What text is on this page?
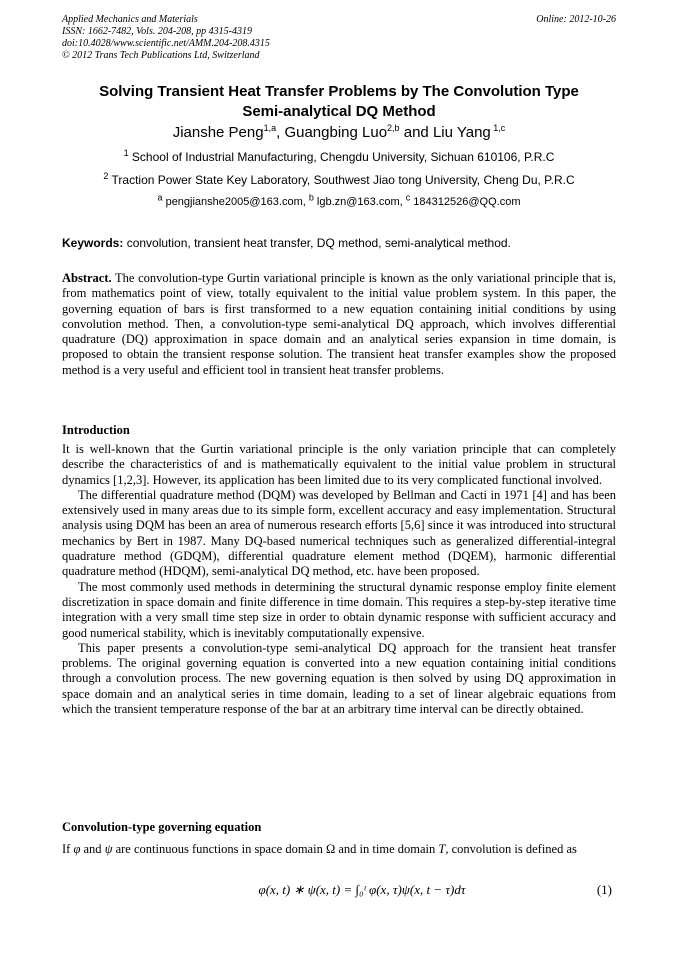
Applied Mechanics and Materials
ISSN: 1662-7482, Vols. 204-208, pp 4315-4319
doi:10.4028/www.scientific.net/AMM.204-208.4315
© 2012 Trans Tech Publications Ltd, Switzerland
Online: 2012-10-26
Solving Transient Heat Transfer Problems by The Convolution Type
Semi-analytical DQ Method
Jianshe Peng$^{1,a}$, Guangbing Luo$^{2,b}$ and Liu Yang $^{1,c}$
$^1$ School of Industrial Manufacturing, Chengdu University, Sichuan 610106, P.R.C
$^2$ Traction Power State Key Laboratory, Southwest Jiao tong University, Cheng Du, P.R.C
$^a$ pengjianshe2005@163.com, $^b$ lgb.zn@163.com, $^c$ 184312526@QQ.com
Keywords: convolution, transient heat transfer, DQ method, semi-analytical method.
Abstract. The convolution-type Gurtin variational principle is known as the only variational principle that is, from mathematics point of view, totally equivalent to the initial value problem system. In this paper, the governing equation of bars is first transformed to a new equation containing initial conditions by using convolution method. Then, a convolution-type semi-analytical DQ approach, which involves differential quadrature (DQ) approximation in space domain and an analytical series expansion in time domain, is proposed to obtain the transient response solution. The transient heat transfer examples show the proposed method is a very useful and efficient tool in transient heat transfer problems.
Introduction

It is well-known that the Gurtin variational principle is the only variation principle that can completely describe the characteristics of and is mathematically equivalent to the initial value problem in structural dynamics [1,2,3]. However, its application has been limited due to its very complicated functional involved.

The differential quadrature method (DQM) was developed by Bellman and Cacti in 1971 [4] and has been extensively used in many areas due to its simple form, excellent accuracy and easy implementation. Structural analysis using DQM has been an area of numerous research efforts [5,6] since it was introduced into structural mechanics by Bert in 1987. Many DQ-based numerical techniques such as generalized differential-integral quadrature method (GDQM), differential quadrature element method (DQEM), harmonic differential quadrature method (HDQM), semi-analytical DQ method, etc. have been proposed.

The most commonly used methods in determining the structural dynamic response employ finite element discretization in space domain and finite difference in time domain. This requires a step-by-step iterative time integration with a very small time step size in order to obtain dynamic response with sufficient accuracy and good numerical stability, which is inevitably computationally expensive.

This paper presents a convolution-type semi-analytical DQ approach for the transient heat transfer problems. The original governing equation is converted into a new equation containing initial conditions through a convolution process. The new governing equation is then solved by using DQ approximation in space domain and an analytical series in time domain, leading to a set of linear algebraic equations from which the transient temperature response of the bar at an arbitrary time interval can be directly obtained.

Convolution-type governing equation
If φ and ψ are continuous functions in space domain Ω and in time domain T, convolution is defined as
φ(x, t) ∗ ψ(x, t) = ∫₀ᵗ φ(x, τ)ψ(x, t − τ)dτ	(1)
